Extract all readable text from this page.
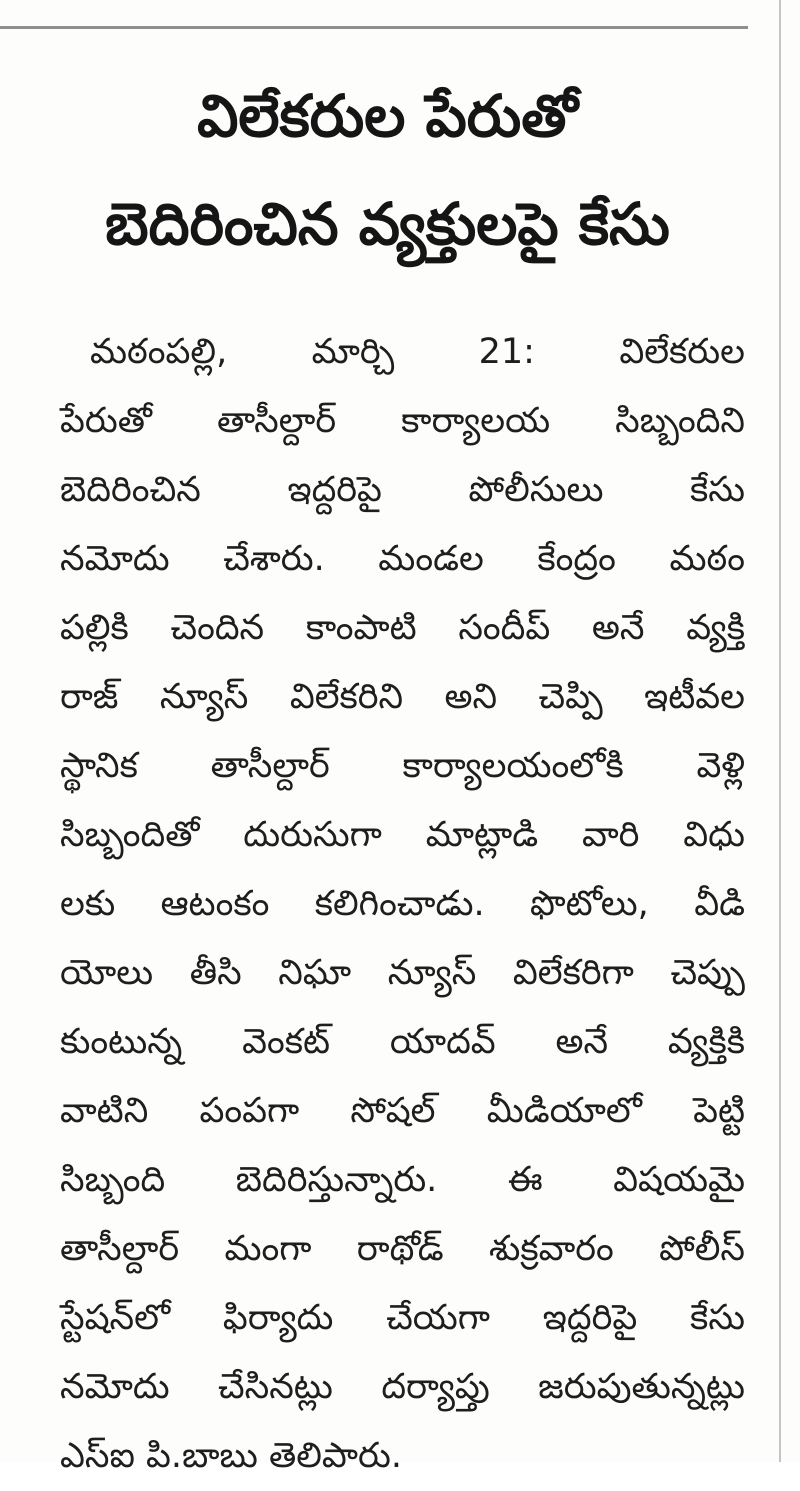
విలేకరుల పేరుతో
బెదిరించిన వ్యక్తులపై కేసు
మఠంపల్లి, మార్చి 21: విలేకరుల
పేరుతో తాసీల్దార్ కార్యాలయ సిబ్బందిని
బెదిరించిన ఇద్దరిపై పోలీసులు కేసు
నమోదు చేశారు. మండల కేంద్రం మఠం
పల్లికి చెందిన కాంపాటి సందీప్ అనే వ్యక్తి
రాజ్ న్యూస్ విలేకరిని అని చెప్పి ఇటీవల
స్థానిక తాసీల్దార్ కార్యాలయంలోకి వెళ్లి
సిబ్బందితో దురుసుగా మాట్లాడి వారి విధు
లకు ఆటంకం కలిగించాడు. ఫొటోలు, వీడి
యోలు తీసి నిఘా న్యూస్ విలేకరిగా చెప్పు
కుంటున్న వెంకట్ యాదవ్ అనే వ్యక్తికి
వాటిని పంపగా సోషల్ మీడియాలో పెట్టి
సిబ్బంది బెదిరిస్తున్నారు. ఈ విషయమై
తాసీల్దార్ మంగా రాథోడ్ శుక్రవారం పోలీస్
స్టేషన్‌లో ఫిర్యాదు చేయగా ఇద్దరిపై కేసు
నమోదు చేసినట్లు దర్యాప్తు జరుపుతున్నట్లు
ఎస్ఐ పి.బాబు తెలిపారు.
